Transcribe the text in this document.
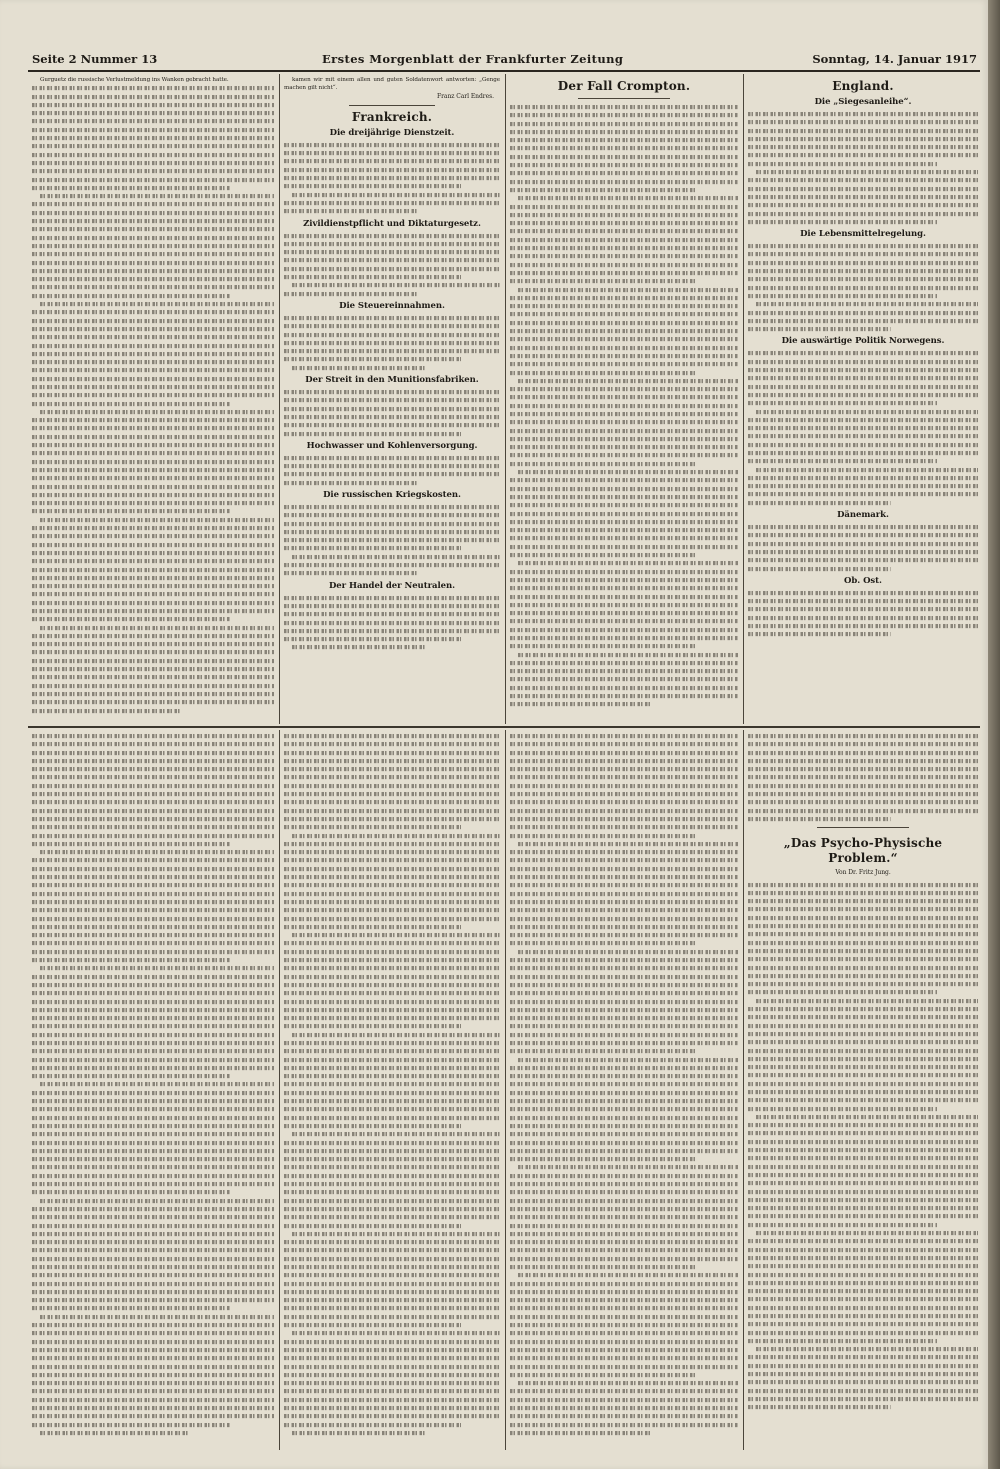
Seite 2 Nummer 13	Erstes Morgenblatt der Frankfurter Zeitung	Sonntag, 14. Januar 1917

Gurguetz die russische Verlustmeldung ins Wanken gebracht hatte.	kamen wir mit einem allen und guten Soldatenwort antworten: „Genge machen gilt nicht“.

Franz Carl Endres.
Frankreich.
Die dreijährige Dienstzeit.
Zivildienstpflicht und Diktaturgesetz.
Die Steuereinnahmen.
Der Streit in den Munitionsfabriken.
Hochwasser und Kohlenversorgung.
Die russischen Kriegskosten.
Der Handel der Neutralen.
Der Fall Crompton.	England.
Die „Siegesanleihe“.
Die Lebensmittelregelung.
Die auswärtige Politik Norwegens.
Dänemark.
Ob. Ost.
„Das Psycho-Physische Problem.“
Von Dr. Fritz Jung.
